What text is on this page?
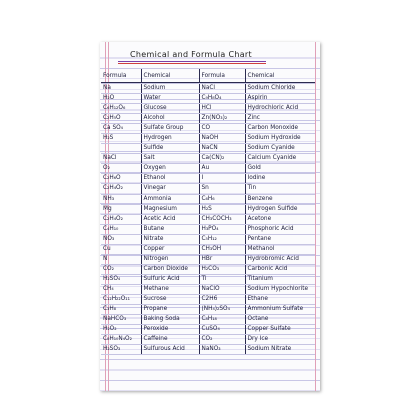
Chemical and Formula Chart
Formula	Chemical	Formula	Chemical
Na	Sodium	NaCl	Sodium Chloride
H₂O	Water	C₉H₈O₄	Aspirin
C₆H₁₂O₆	Glucose	HCl	Hydrochloric Acid
C₂H₅O	Alcohol	Zn(NO₃)₂	Zinc
Ca SO₄	Sulfate Group	CO	Carbon Monoxide
H₂S	Hydrogen	NaOH	Sodium Hydroxide
	Sulfide	NaCN	Sodium Cyanide
NaCl	Salt	Ca(CN)₂	Calcium Cyanide
O₂	Oxygen	Au	Gold
C₂H₆O	Ethanol	I	Iodine
C₂H₄O₂	Vinegar	Sn	Tin
NH₃	Ammonia	C₆H₆	Benzene
Mg	Magnesium	H₂S	Hydrogen Sulfide
C₂H₄O₂	Acetic Acid	CH₃COCH₃	Acetone
C₄H₁₀	Butane	H₃PO₄	Phosphoric Acid
NO₃	Nitrate	C₅H₁₂	Pentane
Cu	Copper	CH₃OH	Methanol
N	Nitrogen	HBr	Hydrobromic Acid
CO₂	Carbon Dioxide	H₂CO₃	Carbonic Acid
H₂SO₄	Sulfuric Acid	Ti	Titanium
CH₄	Methane	NaClO	Sodium Hypochlorite
C₁₂H₂₂O₁₁	Sucrose	C2H6	Ethane
C₃H₈	Propane	(NH₄)₂SO₄	Ammonium Sulfate
NaHCO₃	Baking Soda	C₈H₁₈	Octane
H₂O₂	Peroxide	CuSO₄	Copper Sulfate
C₈H₁₀N₄O₂	Caffeine	CO₂	Dry Ice
H₂SO₃	Sulfurous Acid	NaNO₃	Sodium Nitrate
